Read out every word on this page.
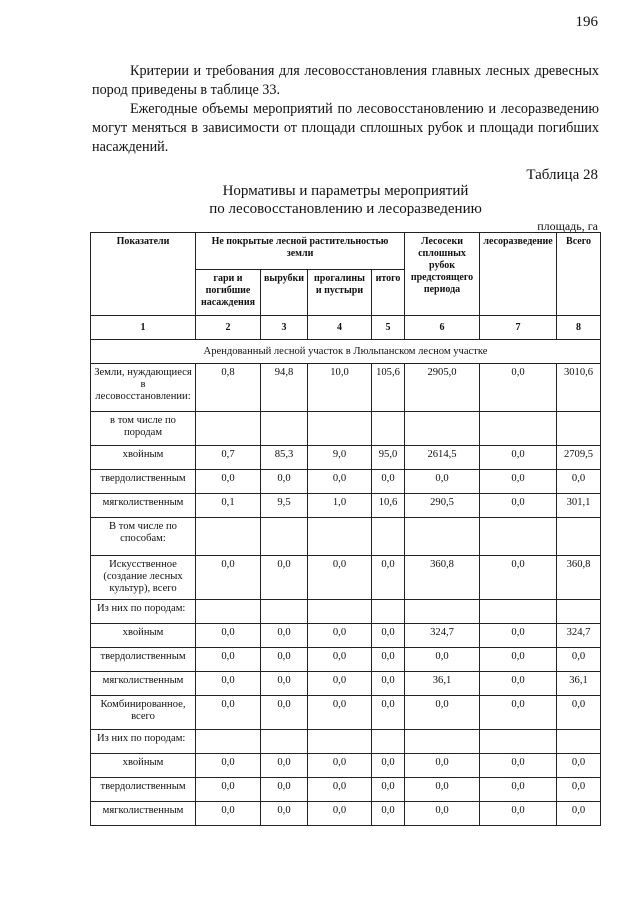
196

Критерии и требования для лесовосстановления главных лесных древесных пород приведены в таблице 33.

Ежегодные объемы мероприятий по лесовосстановлению и лесоразведению могут меняться в зависимости от площади сплошных рубок и площади погибших насаждений.

Таблица 28
Нормативы и параметры мероприятий
по лесовосстановлению и лесоразведению
площадь, га
Показатели	Не покрытые лесной растительностью земли				Лесосеки сплошных рубок предстоящего периода	лесоразведение	Всего
	гари и погибшие насаждения	вырубки	прогалины и пустыри	итого			
1	2	3	4	5	6	7	8
Арендованный лесной участок в Люльпанском лесном участке							
Земли, нуждающиеся в лесовосстановлении:	0,8	94,8	10,0	105,6	2905,0	0,0	3010,6
в том числе по породам							
хвойным	0,7	85,3	9,0	95,0	2614,5	0,0	2709,5
твердолиственным	0,0	0,0	0,0	0,0	0,0	0,0	0,0
мягколиственным	0,1	9,5	1,0	10,6	290,5	0,0	301,1
В том числе по способам:							
Искусственное (создание лесных культур), всего	0,0	0,0	0,0	0,0	360,8	0,0	360,8
Из них по породам:							
хвойным	0,0	0,0	0,0	0,0	324,7	0,0	324,7
твердолиственным	0,0	0,0	0,0	0,0	0,0	0,0	0,0
мягколиственным	0,0	0,0	0,0	0,0	36,1	0,0	36,1
Комбинированное, всего	0,0	0,0	0,0	0,0	0,0	0,0	0,0
Из них по породам:							
хвойным	0,0	0,0	0,0	0,0	0,0	0,0	0,0
твердолиственным	0,0	0,0	0,0	0,0	0,0	0,0	0,0
мягколиственным	0,0	0,0	0,0	0,0	0,0	0,0	0,0
